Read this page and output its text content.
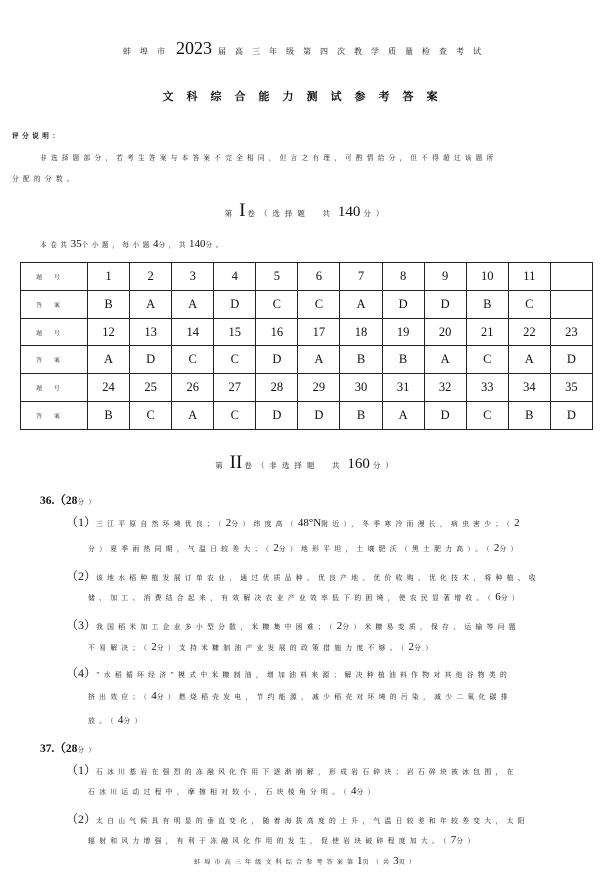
蚌埠市 2023 届高三年级第四次教学质量检查考试
文科综合能力测试参考答案
评分说明：
非选择题部分，若考生答案与本答案不完全相同，但言之有理，可酌情给分，但不得超过该题所
分配的分数。
第 I 卷（选择题　共 140 分）
本卷共35个小题，每小题4分，共140分。
题号	1	2	3	4	5	6	7	8	9	10	11	
答案	B	A	A	D	C	C	A	D	D	B	C	
题号	12	13	14	15	16	17	18	19	20	21	22	23
答案	A	D	C	C	D	A	B	B	A	C	A	D
题号	24	25	26	27	28	29	30	31	32	33	34	35
答案	B	C	A	C	D	D	B	A	D	C	B	D
第 II 卷（非选择题　共 160 分）
36.（28分）
（1）三江平原自然环境优良；（2分）纬度高（48°N附近），冬季寒冷而漫长，病虫害少；（2
分）夏季雨热同期，气温日较差大；（2分）地形平坦，土壤肥沃（黑土肥力高）。（2分）
（2）该地水稻种植发展订单农业，通过优质品种、优良产地、优价收购、优化技术，将种植、收
储、加工、消费结合起来，有效解决农业产业效率低下的困境，使农民显著增收。（6分）
（3）我国稻米加工企业多小型分散，米糠集中困难；（2分）米糠易变质，保存、运输等问题
不易解决；（2分）支持米糠制油产业发展的政策措施力度不够。（2分）
（4）“水稻循环经济”模式中米糠制油，增加油料来源；解决种植油料作物对其他谷物类的
挤出效应；（4分）燃烧稻壳发电，节约能源，减少稻壳对环境的污染，减少二氧化碳排
放。（4分）
37.（28分）
（1）石冰川基岩在强烈的冻融风化作用下逐渐崩解，形成岩石碎块；岩石碎块被冰包围，在
石冰川运动过程中，摩擦相对较小，石块棱角分明。（4分）
（2）太白山气候具有明显的垂直变化，随着海拔高度的上升，气温日较差和年较差变大，太阳
辐射和风力增强，有利于冻融风化作用的发生，促使岩块破碎程度加大。（7分）
蚌埠市高三年级文科综合参考答案第1页（共3页）
